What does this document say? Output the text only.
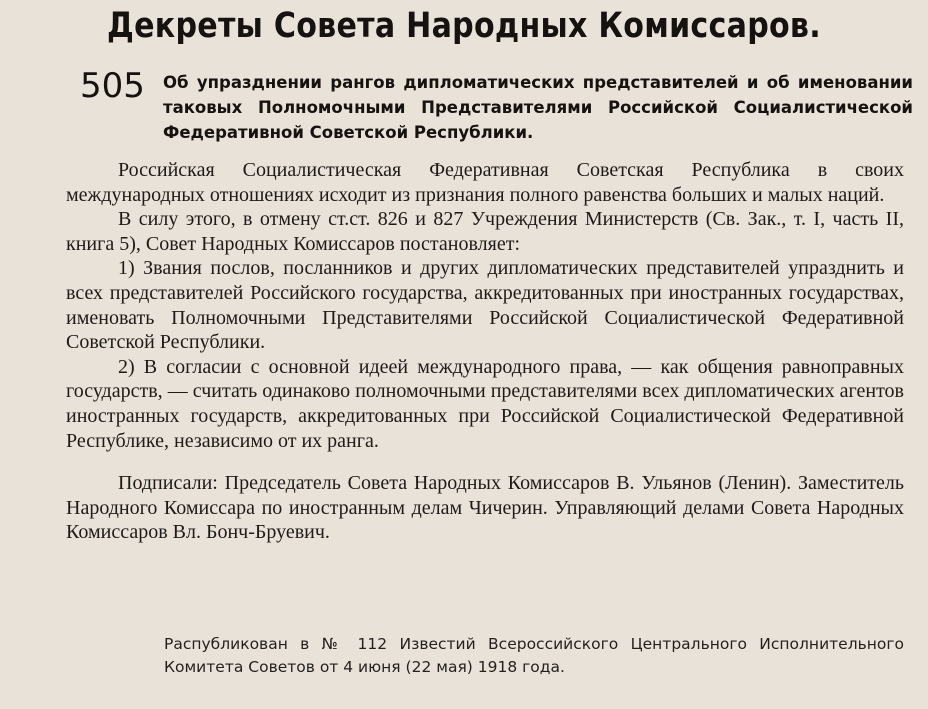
Декреты Совета Народных Комиссаров.
505 Об упразднении рангов дипломатических представителей и об именовании таковых Полномочными Представителями Российской Социалистической Федеративной Советской Республики.

Российская Социалистическая Федеративная Советская Республика в своих международных отношениях исходит из признания полного равенства больших и малых наций.

В силу этого, в отмену ст.ст. 826 и 827 Учреждения Министерств (Св. Зак., т. I, часть II, книга 5), Совет Народных Комиссаров постановляет:

1) Звания послов, посланников и других дипломатических представителей упразднить и всех представителей Российского государства, аккредитованных при иностранных государствах, именовать Полномочными Представителями Российской Социалистической Федеративной Советской Республики.

2) В согласии с основной идеей международного права, — как общения равноправных государств, — считать одинаково полномочными представителями всех дипломатических агентов иностранных государств, аккредитованных при Российской Социалистической Федеративной Республике, независимо от их ранга.

Подписали: Председатель Совета Народных Комиссаров В. Ульянов (Ленин). Заместитель Народного Комиссара по иностранным делам Чичерин. Управляющий делами Совета Народных Комиссаров Вл. Бонч-Бруевич.

Распубликован в № 112 Известий Всероссийского Центрального Исполнительного Комитета Советов от 4 июня (22 мая) 1918 года.
